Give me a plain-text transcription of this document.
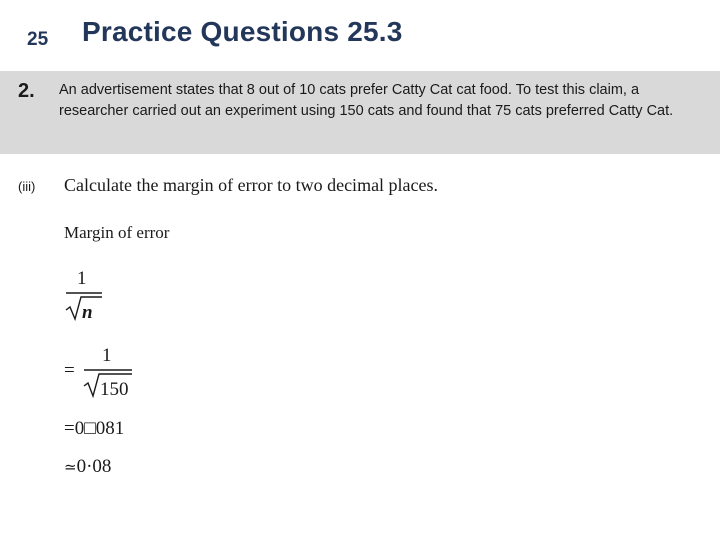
25 Practice Questions 25.3
2. An advertisement states that 8 out of 10 cats prefer Catty Cat cat food. To test this claim, a researcher carried out an experiment using 150 cats and found that 75 cats preferred Catty Cat.
(iii) Calculate the margin of error to two decimal places.
Margin of error
1
n
=
1
150
=0□081
≃0·08
